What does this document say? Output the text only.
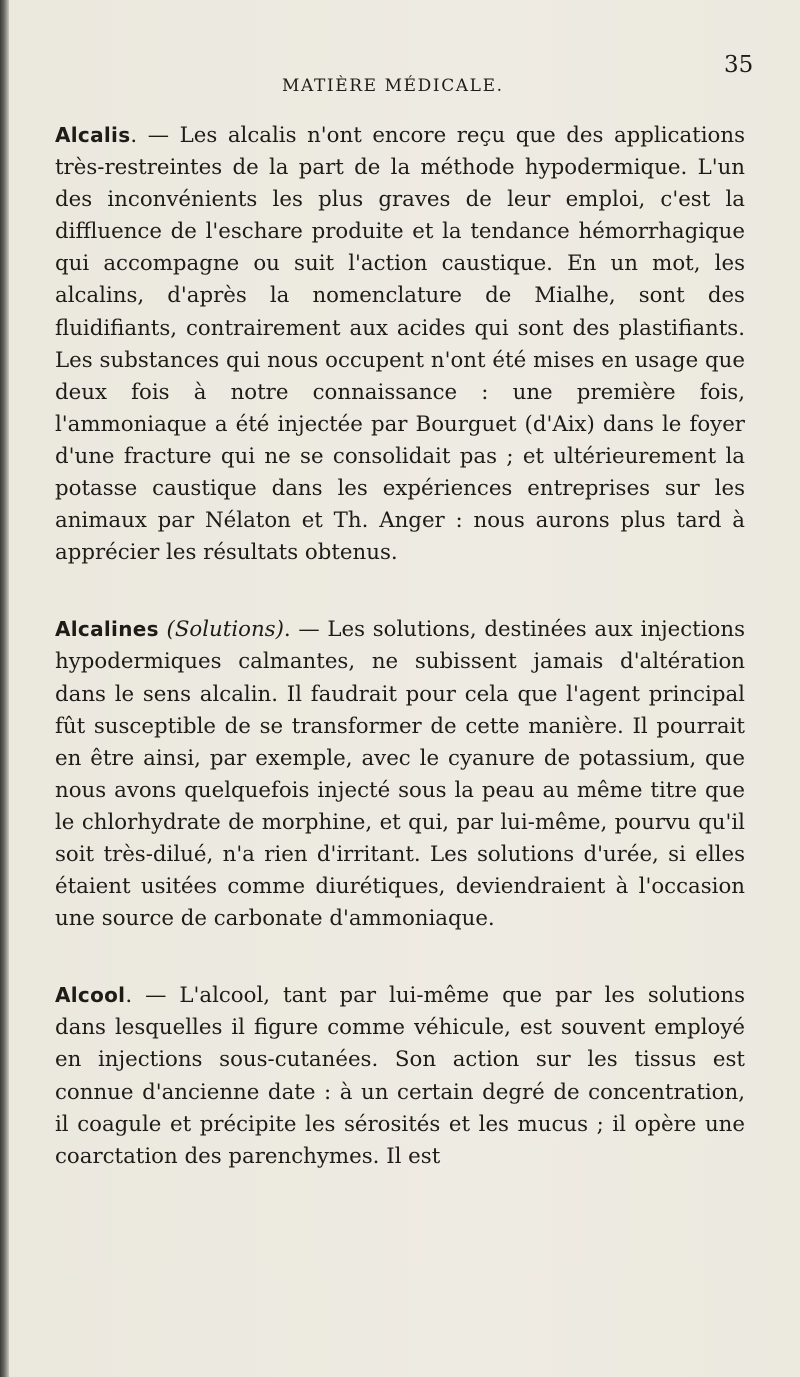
MATIÈRE MÉDICALE.
35

Alcalis. — Les alcalis n'ont encore reçu que des applications très-restreintes de la part de la méthode hypodermique. L'un des inconvénients les plus graves de leur emploi, c'est la diffluence de l'eschare produite et la tendance hémorrhagique qui accompagne ou suit l'action caustique. En un mot, les alcalins, d'après la nomenclature de Mialhe, sont des fluidifiants, contrairement aux acides qui sont des plastifiants. Les substances qui nous occupent n'ont été mises en usage que deux fois à notre connaissance : une première fois, l'ammoniaque a été injectée par Bourguet (d'Aix) dans le foyer d'une fracture qui ne se consolidait pas ; et ultérieurement la potasse caustique dans les expériences entreprises sur les animaux par Nélaton et Th. Anger : nous aurons plus tard à apprécier les résultats obtenus.

Alcalines (Solutions). — Les solutions, destinées aux injections hypodermiques calmantes, ne subissent jamais d'altération dans le sens alcalin. Il faudrait pour cela que l'agent principal fût susceptible de se transformer de cette manière. Il pourrait en être ainsi, par exemple, avec le cyanure de potassium, que nous avons quelquefois injecté sous la peau au même titre que le chlorhydrate de morphine, et qui, par lui-même, pourvu qu'il soit très-dilué, n'a rien d'irritant. Les solutions d'urée, si elles étaient usitées comme diurétiques, deviendraient à l'occasion une source de carbonate d'ammoniaque.

Alcool. — L'alcool, tant par lui-même que par les solutions dans lesquelles il figure comme véhicule, est souvent employé en injections sous-cutanées. Son action sur les tissus est connue d'ancienne date : à un certain degré de concentration, il coagule et précipite les sérosités et les mucus ; il opère une coarctation des parenchymes. Il est
